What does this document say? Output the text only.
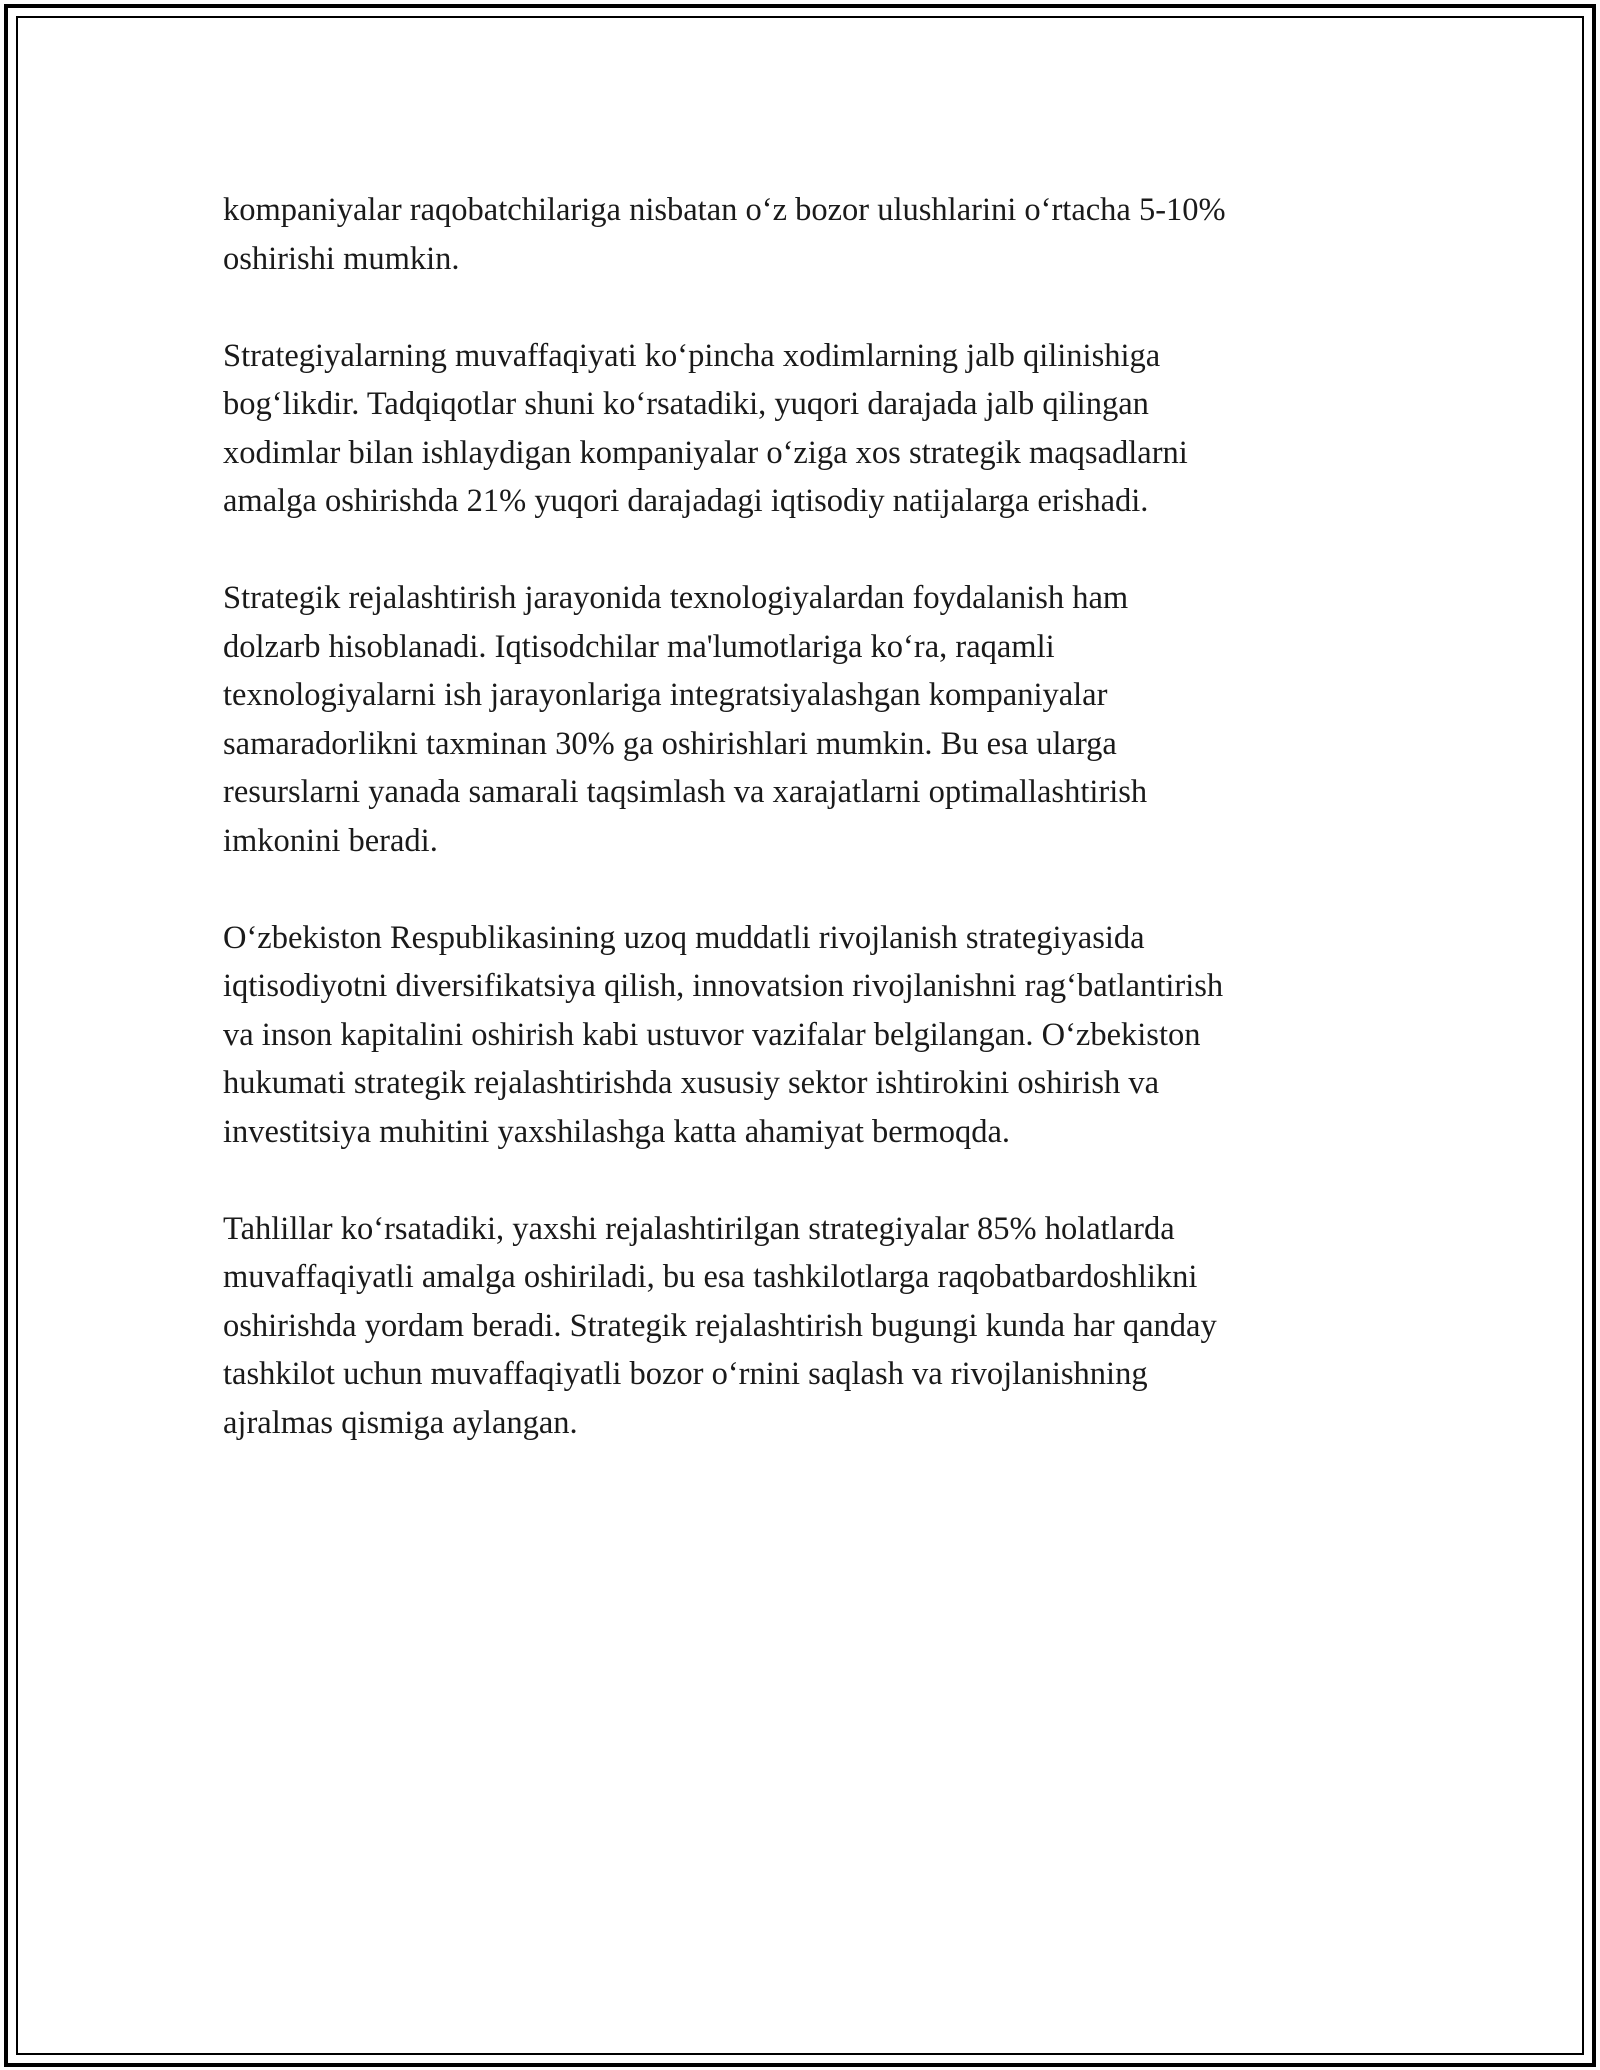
kompaniyalar raqobatchilariga nisbatan o‘z bozor ulushlarini o‘rtacha 5-10%
oshirishi mumkin.

Strategiyalarning muvaffaqiyati ko‘pincha xodimlarning jalb qilinishiga
bog‘likdir. Tadqiqotlar shuni ko‘rsatadiki, yuqori darajada jalb qilingan
xodimlar bilan ishlaydigan kompaniyalar o‘ziga xos strategik maqsadlarni
amalga oshirishda 21% yuqori darajadagi iqtisodiy natijalarga erishadi.

Strategik rejalashtirish jarayonida texnologiyalardan foydalanish ham
dolzarb hisoblanadi. Iqtisodchilar ma'lumotlariga ko‘ra, raqamli
texnologiyalarni ish jarayonlariga integratsiyalashgan kompaniyalar
samaradorlikni taxminan 30% ga oshirishlari mumkin. Bu esa ularga
resurslarni yanada samarali taqsimlash va xarajatlarni optimallashtirish
imkonini beradi.

O‘zbekiston Respublikasining uzoq muddatli rivojlanish strategiyasida
iqtisodiyotni diversifikatsiya qilish, innovatsion rivojlanishni rag‘batlantirish
va inson kapitalini oshirish kabi ustuvor vazifalar belgilangan. O‘zbekiston
hukumati strategik rejalashtirishda xususiy sektor ishtirokini oshirish va
investitsiya muhitini yaxshilashga katta ahamiyat bermoqda.

Tahlillar ko‘rsatadiki, yaxshi rejalashtirilgan strategiyalar 85% holatlarda
muvaffaqiyatli amalga oshiriladi, bu esa tashkilotlarga raqobatbardoshlikni
oshirishda yordam beradi. Strategik rejalashtirish bugungi kunda har qanday
tashkilot uchun muvaffaqiyatli bozor o‘rnini saqlash va rivojlanishning
ajralmas qismiga aylangan.
